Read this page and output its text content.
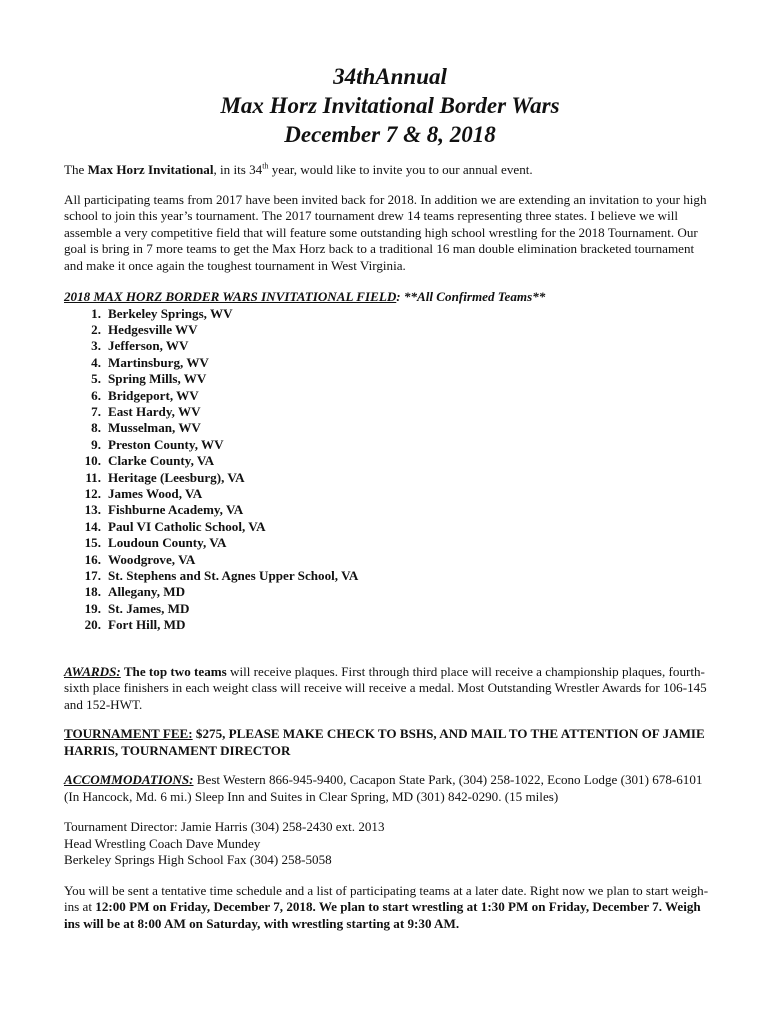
34thAnnual
Max Horz Invitational Border Wars
December 7 & 8, 2018

The Max Horz Invitational, in its 34th year, would like to invite you to our annual event.

All participating teams from 2017 have been invited back for 2018. In addition we are extending an invitation to your high school to join this year’s tournament. The 2017 tournament drew 14 teams representing three states. I believe we will assemble a very competitive field that will feature some outstanding high school wrestling for the 2018 Tournament. Our goal is bring in 7 more teams to get the Max Horz back to a traditional 16 man double elimination bracketed tournament and make it once again the toughest tournament in West Virginia.

2018 MAX HORZ BORDER WARS INVITATIONAL FIELD: **All Confirmed Teams**

1. Berkeley Springs, WV
2. Hedgesville WV
3. Jefferson, WV
4. Martinsburg, WV
5. Spring Mills, WV
6. Bridgeport, WV
7. East Hardy, WV
8. Musselman, WV
9. Preston County, WV
10. Clarke County, VA
11. Heritage (Leesburg), VA
12. James Wood, VA
13. Fishburne Academy, VA
14. Paul VI Catholic School, VA
15. Loudoun County, VA
16. Woodgrove, VA
17. St. Stephens and St. Agnes Upper School, VA
18. Allegany, MD
19. St. James, MD
20. Fort Hill, MD

AWARDS: The top two teams will receive plaques. First through third place will receive a championship plaques, fourth-sixth place finishers in each weight class will receive will receive a medal. Most Outstanding Wrestler Awards for 106-145 and 152-HWT.

TOURNAMENT FEE: $275, PLEASE MAKE CHECK TO BSHS, AND MAIL TO THE ATTENTION OF JAMIE HARRIS, TOURNAMENT DIRECTOR

ACCOMMODATIONS: Best Western 866-945-9400, Cacapon State Park, (304) 258-1022, Econo Lodge (301) 678-6101 (In Hancock, Md. 6 mi.) Sleep Inn and Suites in Clear Spring, MD (301) 842-0290. (15 miles)

Tournament Director: Jamie Harris (304) 258-2430 ext. 2013

Head Wrestling Coach Dave Mundey

Berkeley Springs High School Fax (304) 258-5058

You will be sent a tentative time schedule and a list of participating teams at a later date. Right now we plan to start weigh-ins at 12:00 PM on Friday, December 7, 2018. We plan to start wrestling at 1:30 PM on Friday, December 7. Weigh ins will be at 8:00 AM on Saturday, with wrestling starting at 9:30 AM.
